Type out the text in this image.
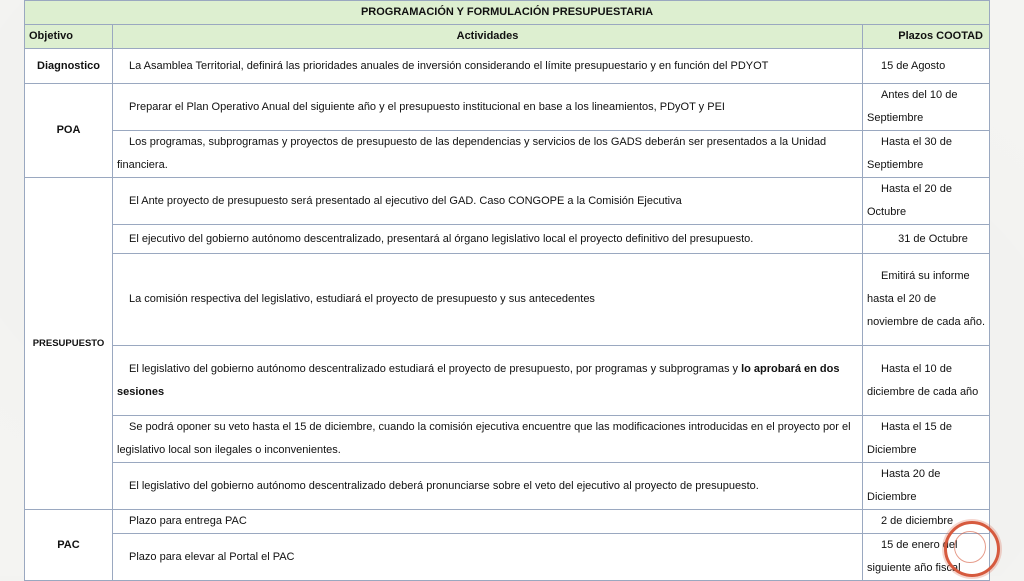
PROGRAMACIÓN Y FORMULACIÓN PRESUPUESTARIA		
Objetivo	Actividades	Plazos COOTAD
Diagnostico	La Asamblea Territorial, definirá las prioridades anuales de inversión considerando el límite presupuestario y en función del PDYOT	15 de Agosto
POA	Preparar el Plan Operativo Anual del siguiente año y el presupuesto institucional en base a los lineamientos, PDyOT y PEI	Antes del 10 de Septiembre
	Los programas, subprogramas y proyectos de presupuesto de las dependencias y servicios de los GADS deberán ser presentados a la Unidad financiera.	Hasta el 30 de Septiembre
PRESUPUESTO	El Ante proyecto de presupuesto será presentado al ejecutivo del GAD. Caso CONGOPE a la Comisión Ejecutiva	Hasta el 20 de Octubre
	El ejecutivo del gobierno autónomo descentralizado, presentará al órgano legislativo local el proyecto definitivo del presupuesto.	31 de Octubre
	La comisión respectiva del legislativo, estudiará el proyecto de presupuesto y sus antecedentes	Emitirá su informe hasta el 20 de noviembre de cada año.
	El legislativo del gobierno autónomo descentralizado estudiará el proyecto de presupuesto, por programas y subprogramas y lo aprobará en dos sesiones	Hasta el 10 de diciembre de cada año
	Se podrá oponer su veto hasta el 15 de diciembre, cuando la comisión ejecutiva encuentre que las modificaciones introducidas en el proyecto por el legislativo local son ilegales o inconvenientes.	Hasta el 15 de Diciembre
	El legislativo del gobierno autónomo descentralizado deberá pronunciarse sobre el veto del ejecutivo al proyecto de presupuesto.	Hasta 20 de Diciembre
PAC	Plazo para entrega PAC	2 de diciembre
	Plazo para elevar al Portal el PAC	15 de enero del siguiente año fiscal
